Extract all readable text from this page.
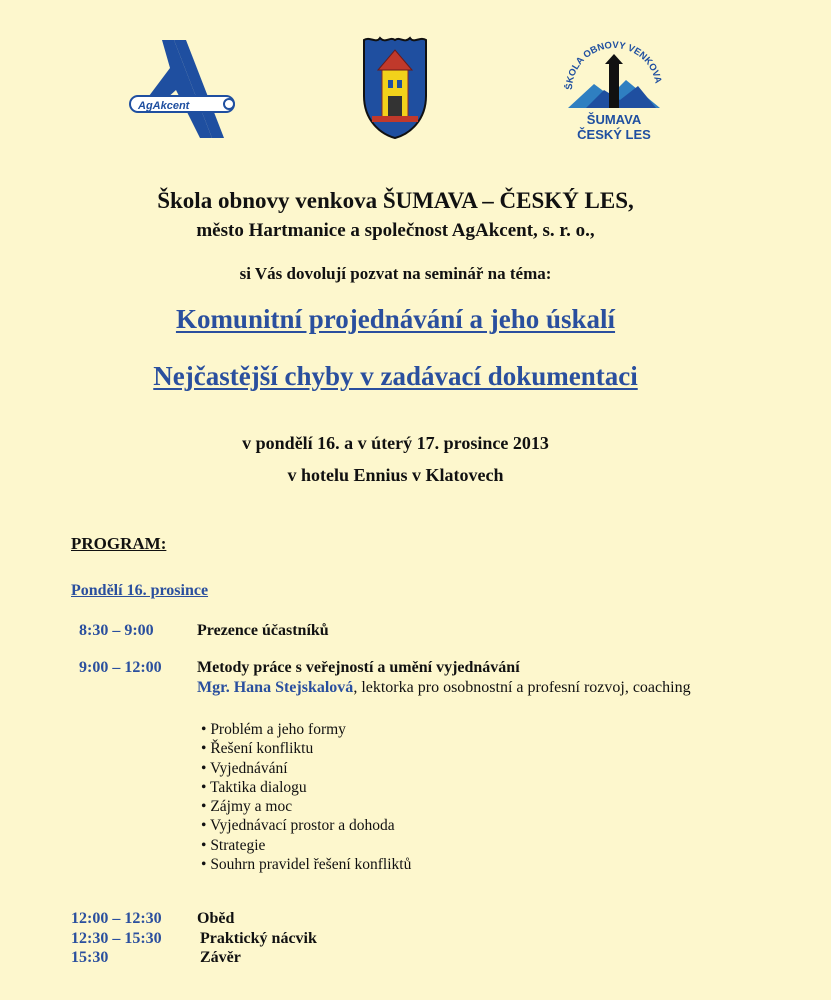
AgAkcent
s.r.o.
ŠKOLA OBNOVY VENKOVA
ŠUMAVA
ČESKÝ LES
Škola obnovy venkova ŠUMAVA – ČESKÝ LES,
město Hartmanice a společnost AgAkcent, s. r. o.,
si Vás dovolují pozvat na seminář na téma:
Komunitní projednávání a jeho úskalí
Nejčastější chyby v zadávací dokumentaci
v pondělí 16. a v úterý 17. prosince 2013
v hotelu Ennius v Klatovech
PROGRAM:
Pondělí 16. prosince
8:30 – 9:00	Prezence účastníků
9:00 – 12:00 Metody práce s veřejností a umění vyjednávání
Mgr. Hana Stejskalová, lektorka pro osobnostní a profesní rozvoj, coaching
• Problém a jeho formy
• Řešení konfliktu
• Vyjednávání
• Taktika dialogu
• Zájmy a moc
• Vyjednávací prostor a dohoda
• Strategie
• Souhrn pravidel řešení konfliktů
12:00 – 12:30 Oběd
12:30 – 15:30 Praktický nácvik
15:30	Závěr
